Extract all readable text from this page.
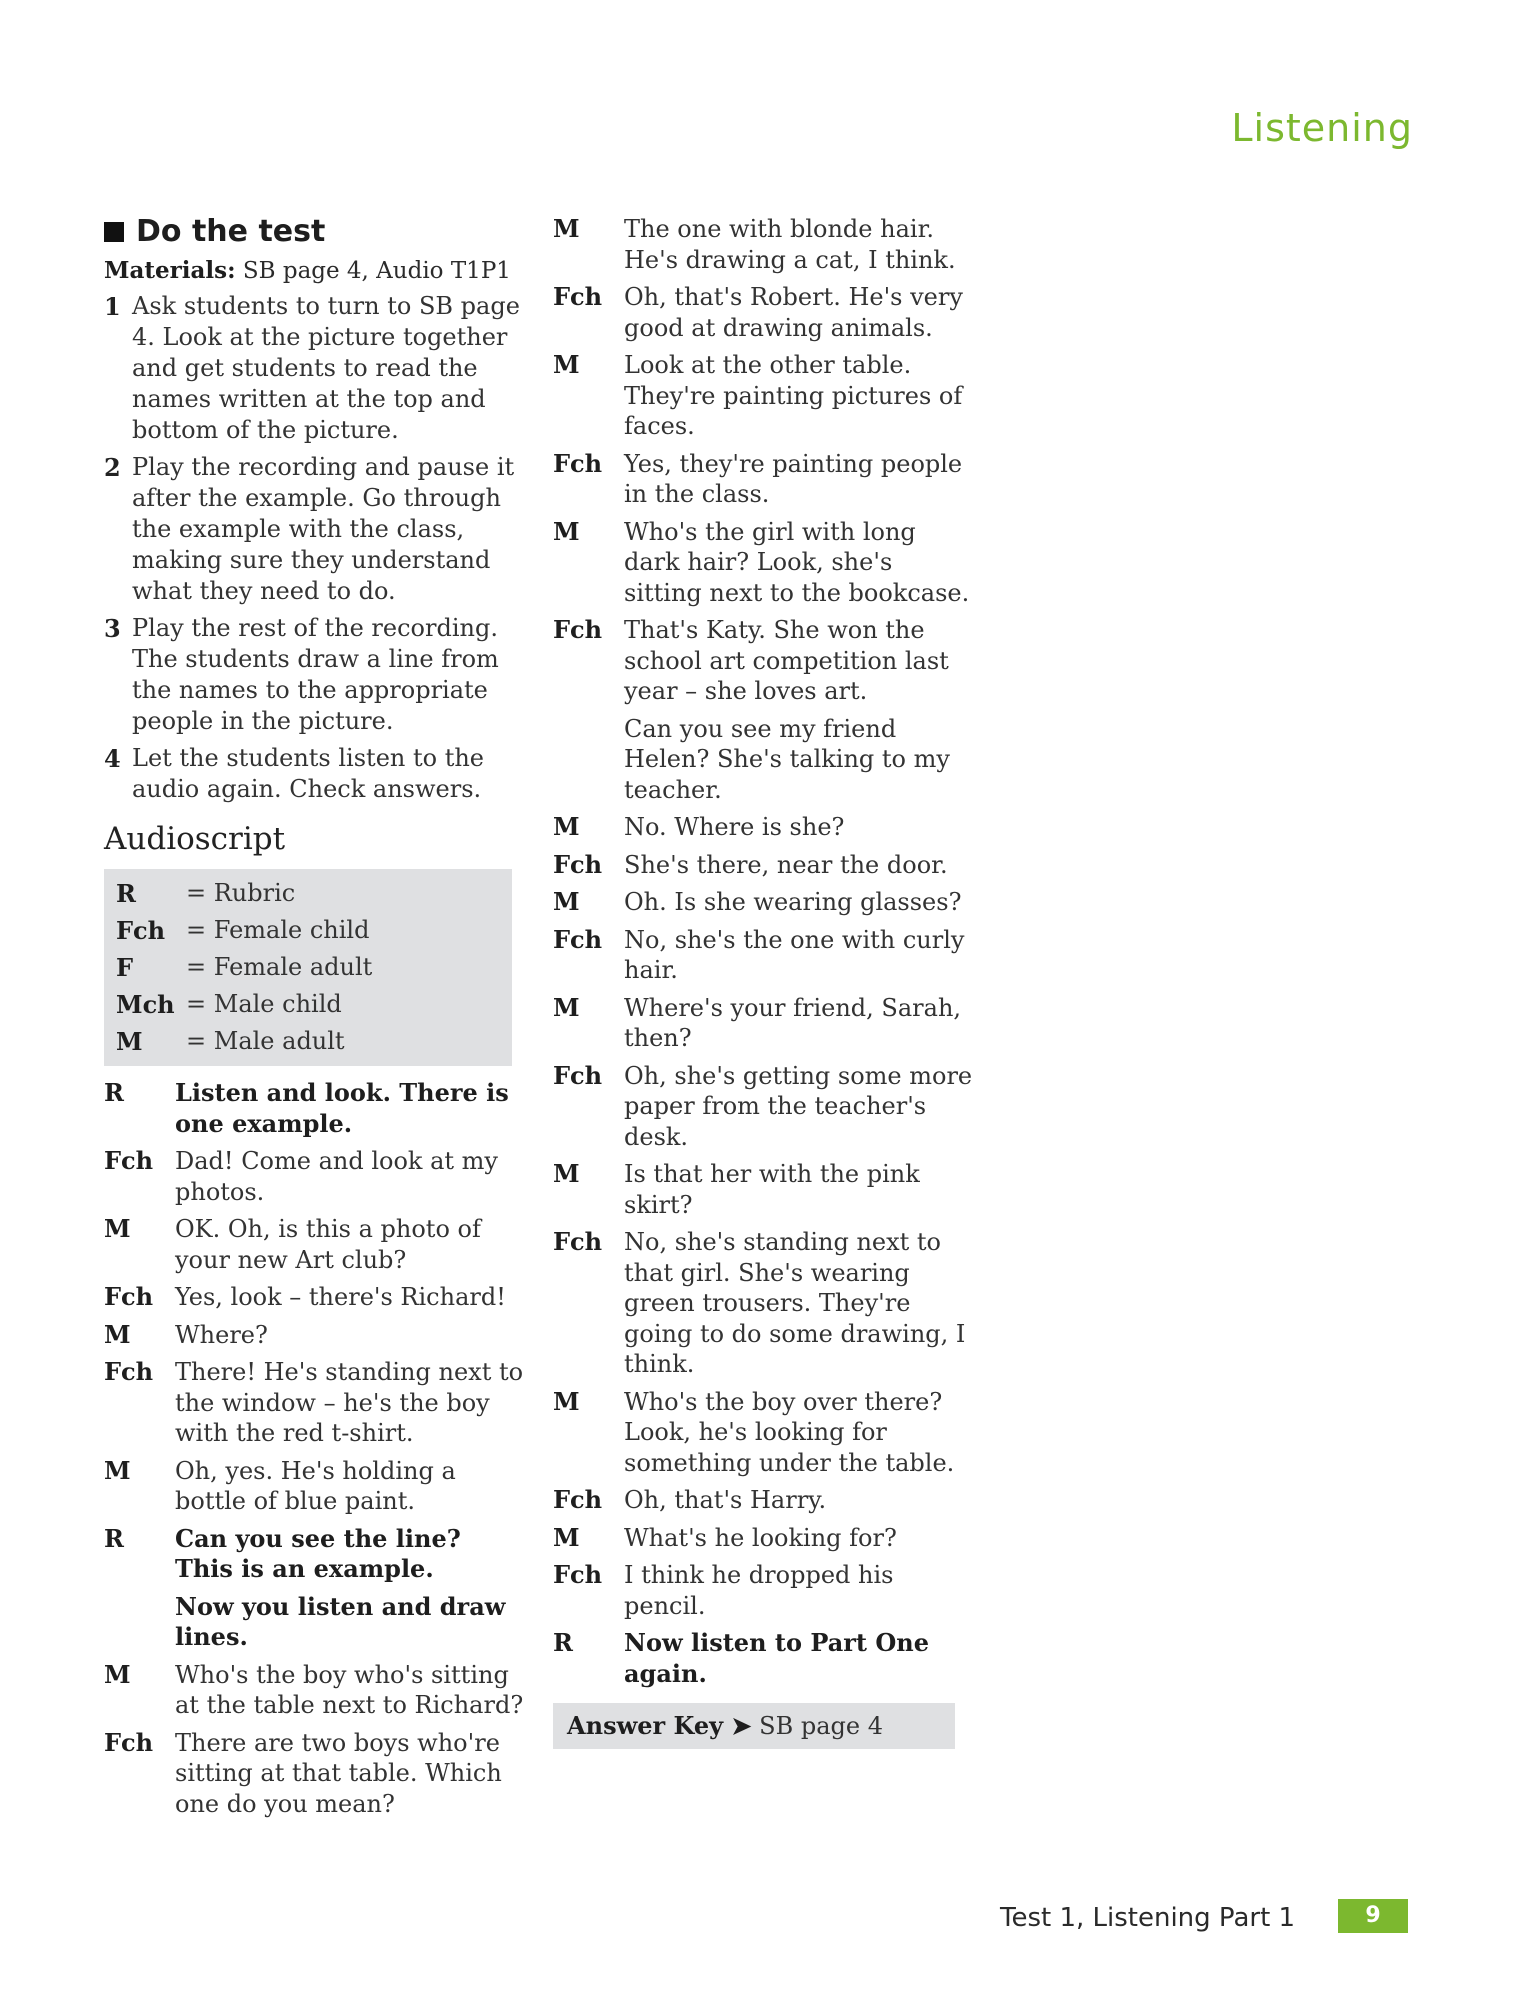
Listening
Do the test
Materials: SB page 4, Audio T1P1
1 Ask students to turn to SB page 4. Look at the picture together and get students to read the names written at the top and bottom of the picture.
2 Play the recording and pause it after the example. Go through the example with the class, making sure they understand what they need to do.
3 Play the rest of the recording. The students draw a line from the names to the appropriate people in the picture.
4 Let the students listen to the audio again. Check answers.
Audioscript
R	= Rubric
Fch = Female child
F	= Female adult
Mch = Male child
M	= Male adult
R	Listen and look. There is one example.
Fch Dad! Come and look at my photos.
M	OK. Oh, is this a photo of your new Art club?
Fch Yes, look – there's Richard!
M	Where?
Fch There! He's standing next to the window – he's the boy with the red t-shirt.
M	Oh, yes. He's holding a bottle of blue paint.
R	Can you see the line? This is an example.
Now you listen and draw lines.
M	Who's the boy who's sitting at the table next to Richard?
Fch There are two boys who're sitting at that table. Which one do you mean?
M	The one with blonde hair. He's drawing a cat, I think.
Fch Oh, that's Robert. He's very good at drawing animals.
M	Look at the other table. They're painting pictures of faces.
Fch Yes, they're painting people in the class.
M	Who's the girl with long dark hair? Look, she's sitting next to the bookcase.
Fch That's Katy. She won the school art competition last year – she loves art.
Can you see my friend Helen? She's talking to my teacher.
M	No. Where is she?
Fch She's there, near the door.
M	Oh. Is she wearing glasses?
Fch No, she's the one with curly hair.
M	Where's your friend, Sarah, then?
Fch Oh, she's getting some more paper from the teacher's desk.
M	Is that her with the pink skirt?
Fch No, she's standing next to that girl. She's wearing green trousers. They're going to do some drawing, I think.
M	Who's the boy over there? Look, he's looking for something under the table.
Fch Oh, that's Harry.
M	What's he looking for?
Fch I think he dropped his pencil.
R	Now listen to Part One again.
Answer Key ➤ SB page 4
Test 1, Listening Part 1	9
